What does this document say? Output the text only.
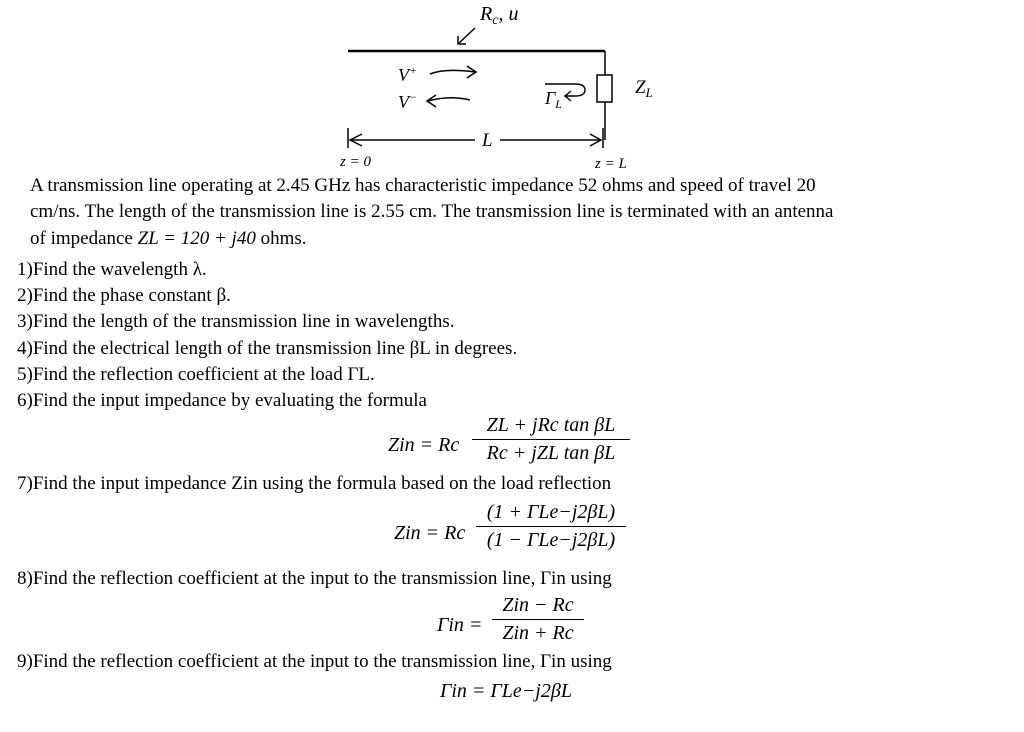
$R_c$, u
$Z_L$
V+
V−	$\Gamma_L$
L
z = 0	z = L
A transmission line operating at 2.45 GHz has characteristic impedance 52 ohms and speed of travel 20
cm/ns. The length of the transmission line is 2.55 cm. The transmission line is terminated with an antenna
of impedance ZL = 120 + j40 ohms.
1)Find the wavelength λ.
2)Find the phase constant β.
3)Find the length of the transmission line in wavelengths.
4)Find the electrical length of the transmission line βL in degrees.
5)Find the reflection coefficient at the load ΓL.
6)Find the input impedance by evaluating the formula
Zin = Rc
ZL + jRc tan βL
Rc + jZL tan βL
7)Find the input impedance Zin using the formula based on the load reflection
Zin = Rc
(1 + ΓLe−j2βL)
(1 − ΓLe−j2βL)
8)Find the reflection coefficient at the input to the transmission line, Γin using
Γin =
Zin − Rc
Zin + Rc
9)Find the reflection coefficient at the input to the transmission line, Γin using
Γin = ΓLe−j2βL
